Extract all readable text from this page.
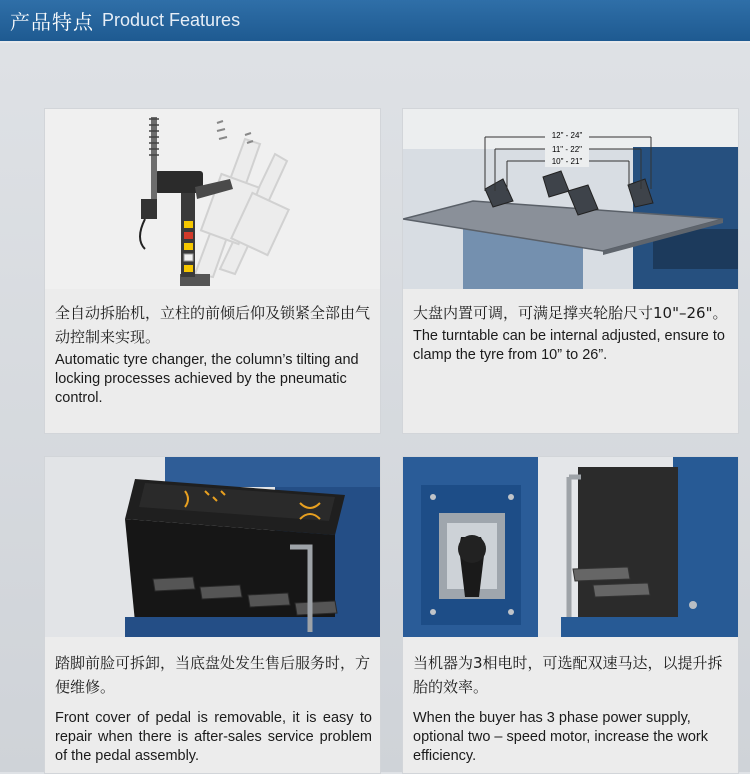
产品特点 Product Features
全自动拆胎机，立柱的前倾后仰及锁紧全部由气动控制来实现。
Automatic tyre changer, the column’s tilting and locking processes achieved by the pneumatic control.
12" - 24"
11" - 22"
10" - 21"
大盘内置可调，可满足撑夹轮胎尺寸10"–26"。
The turntable can be internal adjusted, ensure to clamp the tyre from 10” to 26”.
踏脚前脸可拆卸，当底盘处发生售后服务时，方便维修。
Front cover of pedal is removable, it is easy to repair when there is after-sales service problem of the pedal assembly.
当机器为3相电时，可选配双速马达，以提升拆胎的效率。
When the buyer has 3 phase power supply, optional two – speed motor, increase the work efficiency.
